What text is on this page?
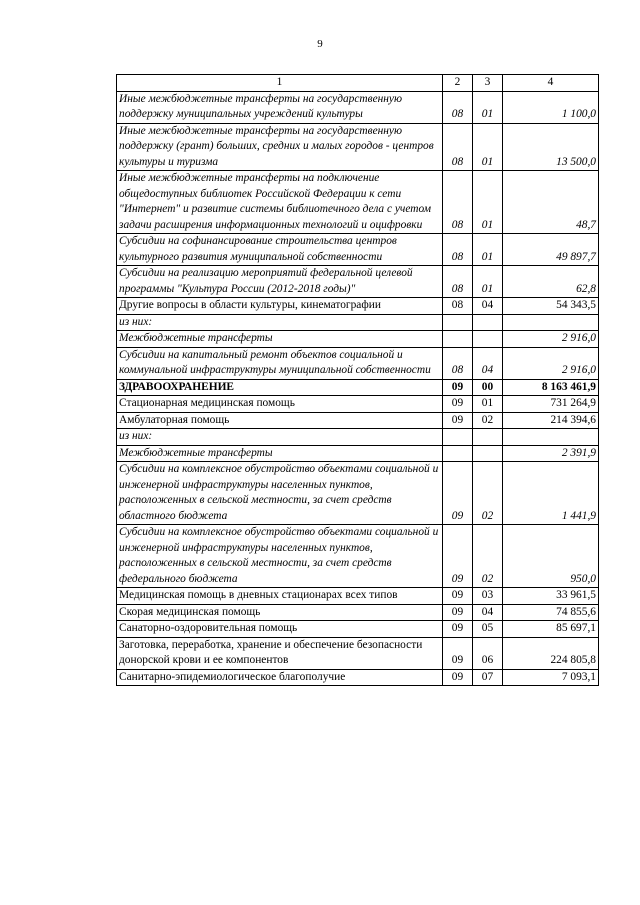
9
1	2	3	4
Иные межбюджетные трансферты на государственную поддержку муниципальных учреждений культуры	08	01	1 100,0
Иные межбюджетные трансферты на государственную поддержку (грант) больших, средних и малых городов - центров культуры и туризма	08	01	13 500,0
Иные межбюджетные трансферты на подключение общедоступных библиотек Российской Федерации к сети "Интернет" и развитие системы библиотечного дела с учетом задачи расширения информационных технологий и оцифровки	08	01	48,7
Субсидии на софинансирование строительства центров культурного развития муниципальной собственности	08	01	49 897,7
Субсидии на реализацию мероприятий федеральной целевой программы "Культура России (2012-2018 годы)"	08	01	62,8
Другие вопросы в области культуры, кинематографии	08	04	54 343,5
из них:			
Межбюджетные трансферты			2 916,0
Субсидии на капитальный ремонт объектов социальной и коммунальной инфраструктуры муниципальной собственности	08	04	2 916,0
ЗДРАВООХРАНЕНИЕ	09	00	8 163 461,9
Стационарная медицинская помощь	09	01	731 264,9
Амбулаторная помощь	09	02	214 394,6
из них:			
Межбюджетные трансферты			2 391,9
Субсидии на комплексное обустройство объектами социальной и инженерной инфраструктуры населенных пунктов, расположенных в сельской местности, за счет средств областного бюджета	09	02	1 441,9
Субсидии на комплексное обустройство объектами социальной и инженерной инфраструктуры населенных пунктов, расположенных в сельской местности, за счет средств федерального бюджета	09	02	950,0
Медицинская помощь в дневных стационарах всех типов	09	03	33 961,5
Скорая медицинская помощь	09	04	74 855,6
Санаторно-оздоровительная помощь	09	05	85 697,1
Заготовка, переработка, хранение и обеспечение безопасности донорской крови и ее компонентов	09	06	224 805,8
Санитарно-эпидемиологическое благополучие	09	07	7 093,1
